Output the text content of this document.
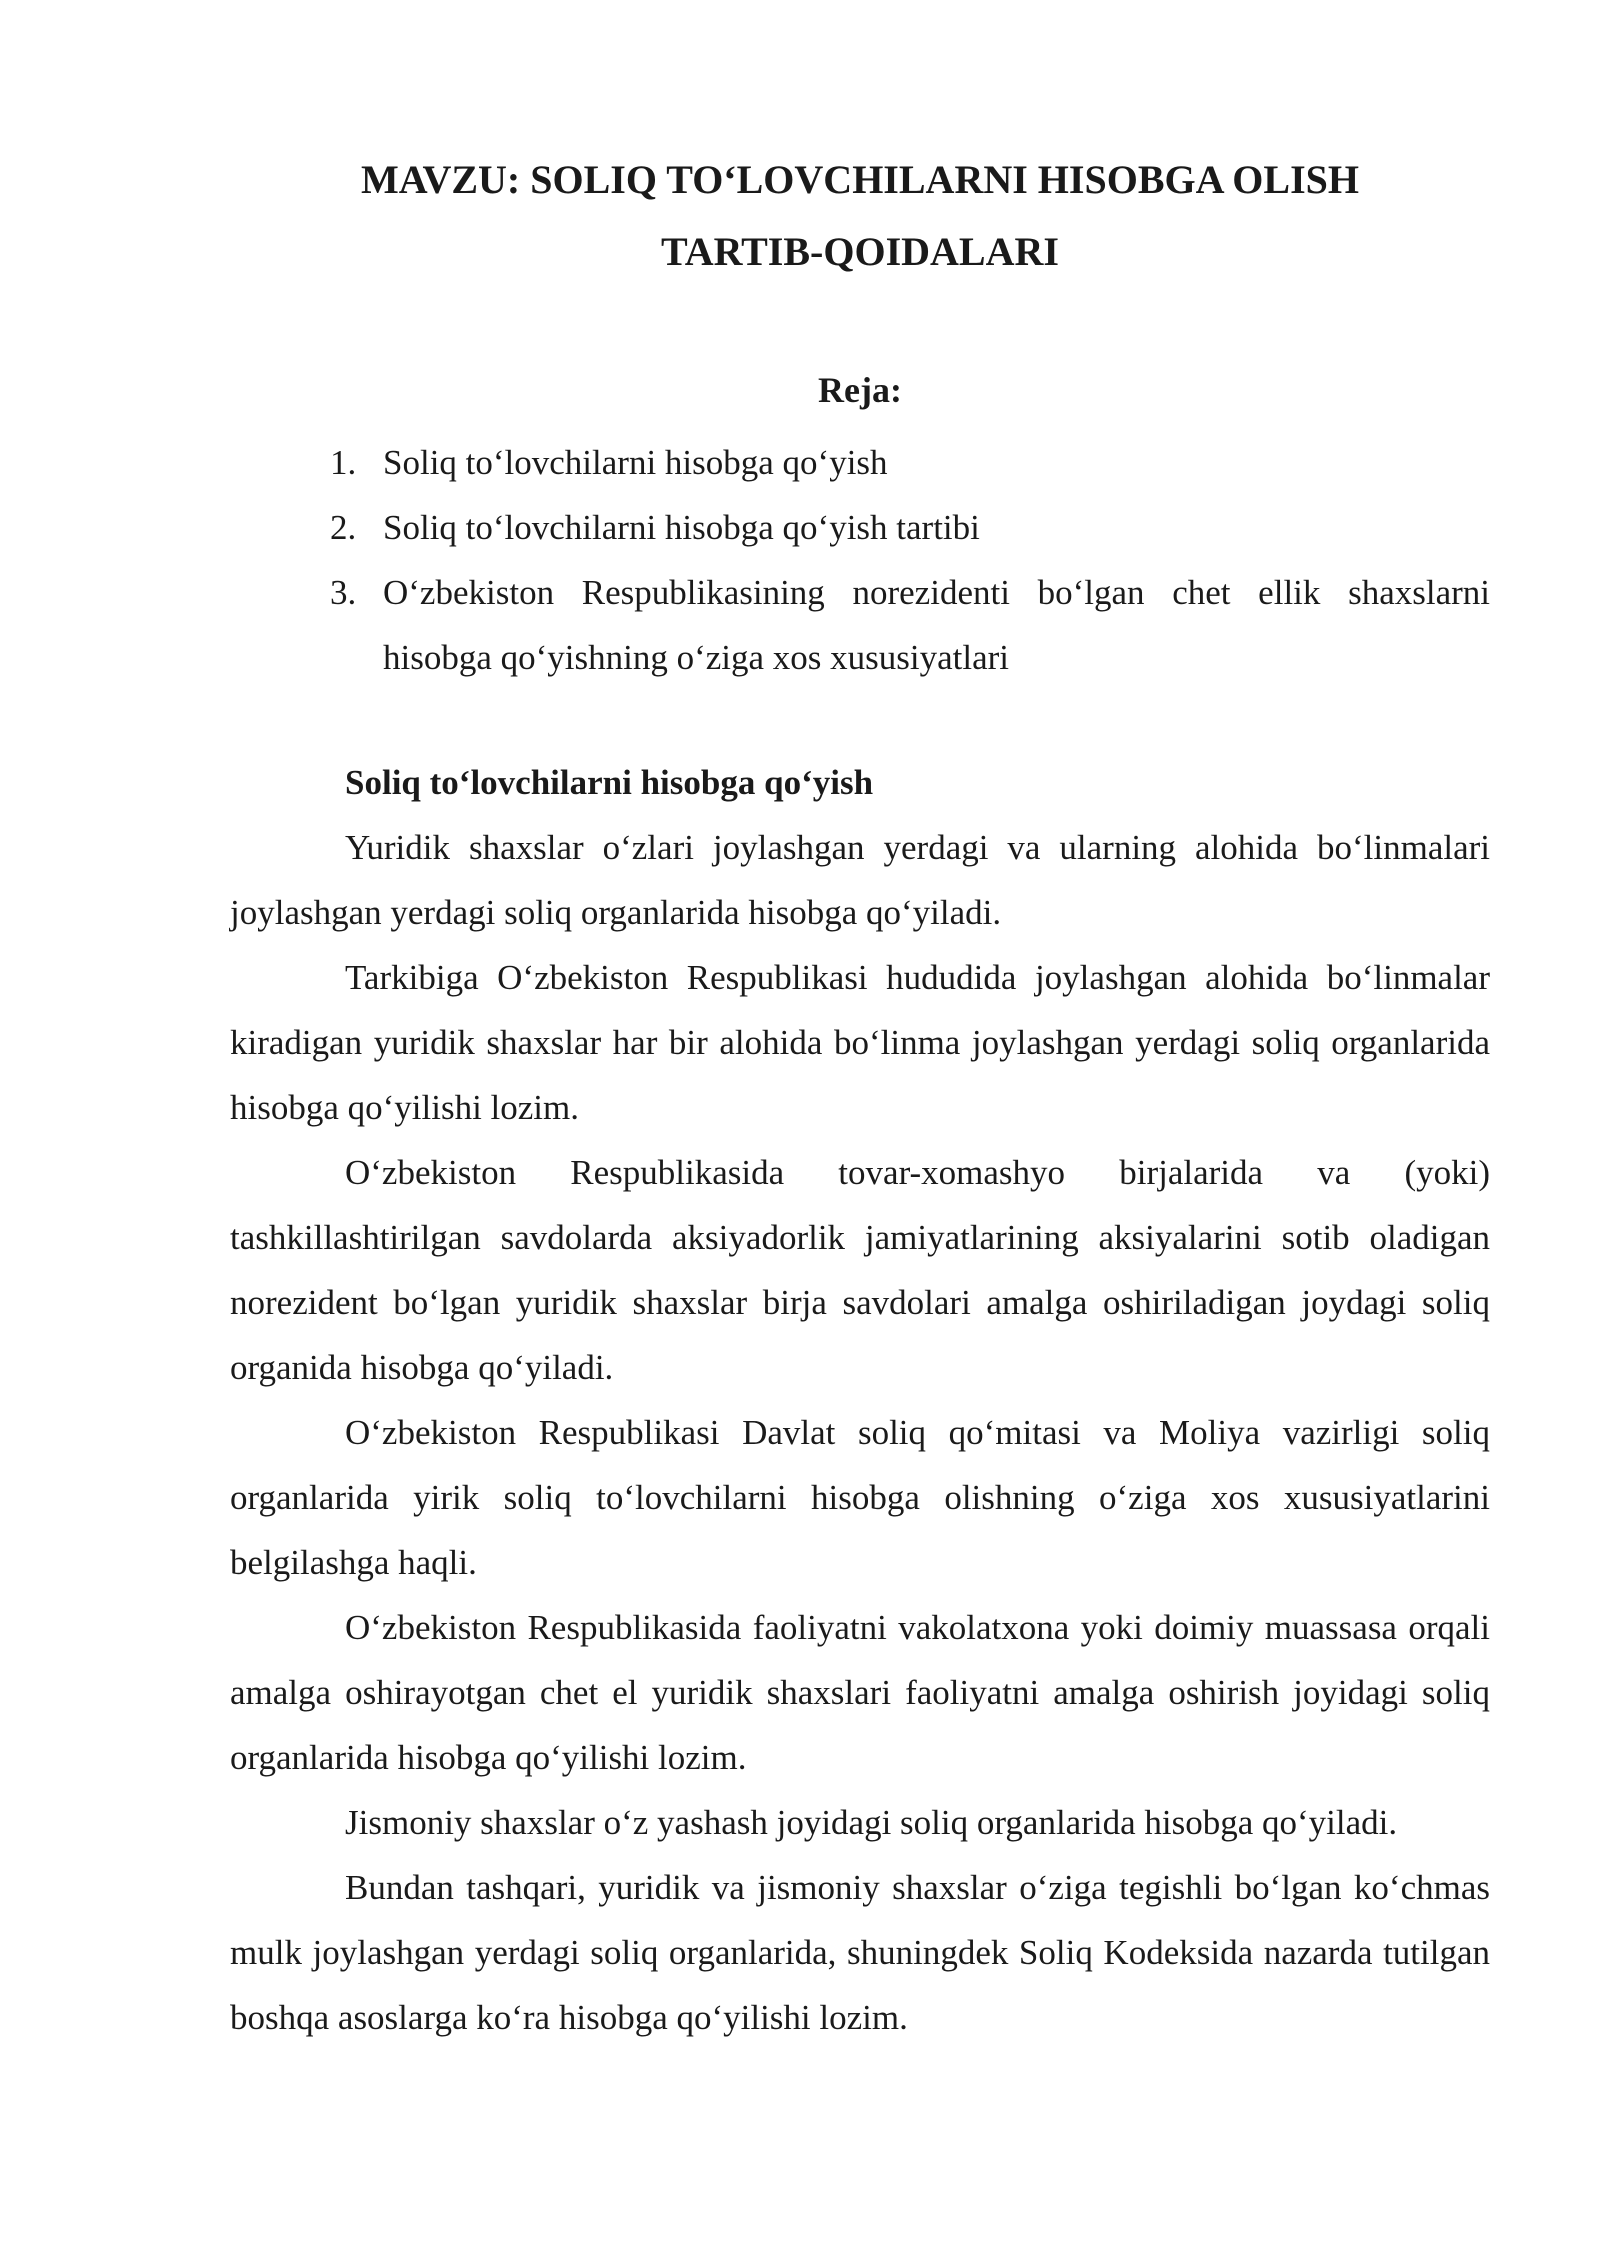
MAVZU: SOLIQ TO‘LOVCHILARNI HISOBGA OLISH
TARTIB-QOIDALARI
Reja:
1. Soliq to‘lovchilarni hisobga qo‘yish
2. Soliq to‘lovchilarni hisobga qo‘yish tartibi
3. O‘zbekiston Respublikasining norezidenti bo‘lgan chet ellik shaxslarni hisobga qo‘yishning o‘ziga xos xususiyatlari

Soliq to‘lovchilarni hisobga qo‘yish

Yuridik shaxslar o‘zlari joylashgan yerdagi va ularning alohida bo‘linmalari joylashgan yerdagi soliq organlarida hisobga qo‘yiladi.

Tarkibiga O‘zbekiston Respublikasi hududida joylashgan alohida bo‘linmalar kiradigan yuridik shaxslar har bir alohida bo‘linma joylashgan yerdagi soliq organlarida hisobga qo‘yilishi lozim.

O‘zbekiston Respublikasida tovar-xomashyo birjalarida va (yoki) tashkillashtirilgan savdolarda aksiyadorlik jamiyatlarining aksiyalarini sotib oladigan norezident bo‘lgan yuridik shaxslar birja savdolari amalga oshiriladigan joydagi soliq organida hisobga qo‘yiladi.

O‘zbekiston Respublikasi Davlat soliq qo‘mitasi va Moliya vazirligi soliq organlarida yirik soliq to‘lovchilarni hisobga olishning o‘ziga xos xususiyatlarini belgilashga haqli.

O‘zbekiston Respublikasida faoliyatni vakolatxona yoki doimiy muassasa orqali amalga oshirayotgan chet el yuridik shaxslari faoliyatni amalga oshirish joyidagi soliq organlarida hisobga qo‘yilishi lozim.

Jismoniy shaxslar o‘z yashash joyidagi soliq organlarida hisobga qo‘yiladi.

Bundan tashqari, yuridik va jismoniy shaxslar o‘ziga tegishli bo‘lgan ko‘chmas mulk joylashgan yerdagi soliq organlarida, shuningdek Soliq Kodeksida nazarda tutilgan boshqa asoslarga ko‘ra hisobga qo‘yilishi lozim.
